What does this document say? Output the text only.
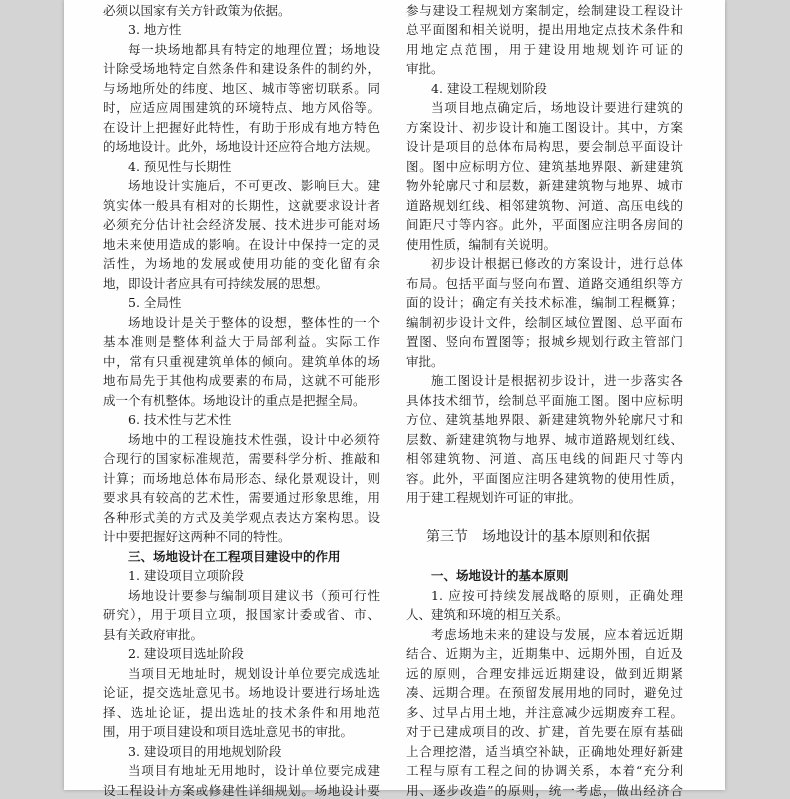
必须以国家有关方针政策为依据。
3. 地方性
每一块场地都具有特定的地理位置；场地设
计除受场地特定自然条件和建设条件的制约外，
与场地所处的纬度、地区、城市等密切联系。同
时，应适应周围建筑的环境特点、地方风俗等。
在设计上把握好此特性，有助于形成有地方特色
的场地设计。此外，场地设计还应符合地方法规。
4. 预见性与长期性
场地设计实施后，不可更改、影响巨大。建
筑实体一般具有相对的长期性，这就要求设计者
必须充分估计社会经济发展、技术进步可能对场
地未来使用造成的影响。在设计中保持一定的灵
活性，为场地的发展或使用功能的变化留有余
地，即设计者应具有可持续发展的思想。
5. 全局性
场地设计是关于整体的设想，整体性的一个
基本准则是整体利益大于局部利益。实际工作
中，常有只重视建筑单体的倾向。建筑单体的场
地布局先于其他构成要素的布局，这就不可能形
成一个有机整体。场地设计的重点是把握全局。
6. 技术性与艺术性
场地中的工程设施技术性强，设计中必须符
合现行的国家标准规范，需要科学分析、推敲和
计算；而场地总体布局形态、绿化景观设计，则
要求具有较高的艺术性，需要通过形象思维，用
各种形式美的方式及美学观点表达方案构思。设
计中要把握好这两种不同的特性。
三、场地设计在工程项目建设中的作用
1. 建设项目立项阶段
场地设计要参与编制项目建议书（预可行性
研究），用于项目立项，报国家计委或省、市、
县有关政府审批。
2. 建设项目选址阶段
当项目无地址时，规划设计单位要完成选址
论证，提交选址意见书。场地设计要进行场址选
择、选址论证，提出选址的技术条件和用地范
围，用于项目建设和项目选址意见书的审批。
3. 建设项目的用地规划阶段
当项目有地址无用地时，设计单位要完成建
设工程设计方案或修建性详细规划。场地设计要
参与建设工程规划方案制定，绘制建设工程设计
总平面图和相关说明，提出用地定点技术条件和
用地定点范围，用于建设用地规划许可证的
审批。
4. 建设工程规划阶段
当项目地点确定后，场地设计要进行建筑的
方案设计、初步设计和施工图设计。其中，方案
设计是项目的总体布局构思，要会制总平面设计
图。图中应标明方位、建筑基地界限、新建建筑
物外轮廓尺寸和层数，新建建筑物与地界、城市
道路规划红线、相邻建筑物、河道、高压电线的
间距尺寸等内容。此外，平面图应注明各房间的
使用性质，编制有关说明。
初步设计根据已修改的方案设计，进行总体
布局。包括平面与竖向布置、道路交通组织等方
面的设计；确定有关技术标准，编制工程概算；
编制初步设计文件，绘制区域位置图、总平面布
置图、竖向布置图等；报城乡规划行政主管部门
审批。
施工图设计是根据初步设计，进一步落实各
具体技术细节，绘制总平面施工图。图中应标明
方位、建筑基地界限、新建建筑物外轮廓尺寸和
层数、新建建筑物与地界、城市道路规划红线、
相邻建筑物、河道、高压电线的间距尺寸等内
容。此外，平面图应注明各建筑物的使用性质，
用于建工程规划许可证的审批。
第三节　场地设计的基本原则和依据
一、场地设计的基本原则
1. 应按可持续发展战略的原则，正确处理
人、建筑和环境的相互关系。
考虑场地未来的建设与发展，应本着远近期
结合、近期为主，近期集中、远期外围，自近及
远的原则，合理安排远近期建设，做到近期紧
凑、远期合理。在预留发展用地的同时，避免过
多、过早占用土地，并注意减少远期废弃工程。
对于已建成项目的改、扩建，首先要在原有基础
上合理挖潜，适当填空补缺，正确地处理好新建
工程与原有工程之间的协调关系，本着“充分利
用、逐步改造”的原则，统一考虑，做出经济合
